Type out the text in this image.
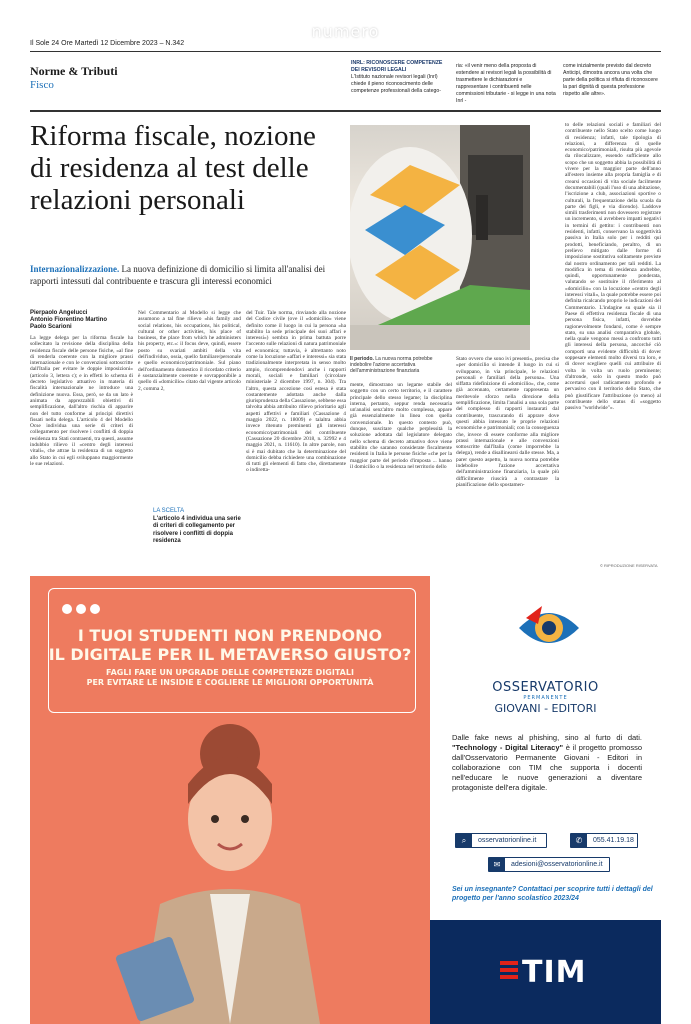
numero
Il Sole 24 Ore Martedì 12 Dicembre 2023 – N.342
Norme & Tributi
Fisco
INRL: RICONOSCERE COMPETENZE DEI REVISORI LEGALI
L'Istituto nazionale revisori legali (Inrl) chiede il pieno riconoscimento delle competenze professionali della catego-
ria: «il venir meno della proposta di estendere ai revisori legali la possibilità di trasmettere le dichiarazioni e rappresentare i contribuenti nelle commissioni tributarie - si legge in una nota Inrl -
come inizialmente previsto dal decreto Anticipi, dimostra ancora una volta che parte della politica si rifiuta di riconoscere la pari dignità di questa professione rispetto alle altre».
Riforma fiscale, nozione di residenza al test delle relazioni personali
Internazionalizzazione. La nuova definizione di domicilio si limita all'analisi dei rapporti intessuti dal contribuente e trascura gli interessi economici
Pierpaolo Angelucci
Antonio Fiorentino Martino
Paolo Scarioni
La legge delega per la riforma fiscale ha sollecitato la revisione della disciplina della residenza fiscale delle persone fisiche, «al fine di renderla coerente con la migliore prassi internazionale e con le convenzioni sottoscritte dall'Italia per evitare le doppie imposizioni» (articolo 3, lettera c); e in effetti lo schema di decreto legislativo attuativo in materia di fiscalità internazionale ne introduce una definizione nuova. Essa, però, se da un lato è animata da apprezzabili obiettivi di semplificazione, dall'altro rischia di apparire non del tutto conforme ai principi direttivi fissati nella delega. L'articolo 4 del Modello Ocse individua una serie di criteri di collegamento per risolvere i conflitti di doppia residenza tra Stati contraenti, tra questi, assume indubbio rilievo il «centro degli interessi vitali», che attrae la residenza di un soggetto allo Stato in cui egli sviluppano maggiormente le sue relazioni.
Nel Commentario al Modello si legge che assumono a tal fine rilievo «his family and social relations, his occupations, his political, cultural or other activities, his place of business, the place from which he administers his property, etc.»: il focus deve, quindi, essere posto su svariati ambiti della vita dell'individuo, ossia, quello familiare/personale e quello economico/patrimoniale. Sul piano dell'ordinamento domestico il ricordato criterio è sostanzialmente coerente e sovrapponibile a quello di «domicilio» citato dal vigente articolo 2, comma 2,
LA SCELTA
L'articolo 4 individua una serie di criteri di collegamento per risolvere i conflitti di doppia residenza
del Tuir. Tale norma, rinviando alla nozione del Codice civile (ove il «domicilio» viene definito come il luogo in cui la persona «ha stabilito la sede principale dei suoi affari e interessi») sembra in prima battuta porre l'accento sulle relazioni di natura patrimoniale ed economica; tuttavia, è altrettanto noto come la locuzione «affari e interessi» sia stata tradizionalmente interpretata in senso molto ampio, ricomprendendovi anche i rapporti morali, sociali e familiari (circolare ministeriale 2 dicembre 1997, n. 304). Tra l'altro, questa accezione così estesa è stata costantemente adottata anche dalla giurisprudenza della Cassazione, sebbene essa talvolta abbia attribuito rilievo prioritario agli aspetti affettivi e familiari (Cassazione 4 maggio 2022, n. 18009) e talaltra abbia invece ritenuto preminenti gli interessi economico/patrimoniali del contribuente (Cassazione 20 dicembre 2018, n. 32992 e 4 maggio 2021, n. 11610). In altre parole, non si è mai dubitato che la determinazione del domicilio debba richiedere una combinazione di tutti gli elementi di fatto che, direttamente o indiretta-
Il periodo. La nuova norma potrebbe indebolire l'azione accertativa dell'amministrazione finanziaria
mente, dimostrano un legame stabile del soggetto con un certo territorio, e il carattere principale dello stesso legame; la disciplina interna, pertanto, seppur renda necessaria un'analisi senz'altro molto complessa, appare già essenzialmente in linea con quella convenzionale. In questo contesto può, dunque, suscitare qualche perplessità la soluzione adottata dal legislatore delegato nello schema di decreto attuativo dove viene stabilito che saranno considerate fiscalmente residenti in Italia le persone fisiche «che per la maggior parte del periodo d'imposta ... hanno il domicilio o la residenza nel territorio dello
Stato ovvero che sono ivi presenti», precisa che «per domicilio si intende il luogo in cui si sviluppano, in via principale, le relazioni personali e familiari della persona». Una siffatta ridefinizione di «domicilio», che, come già accennato, certamente rappresenta un meritevole sforzo nella direzione della semplificazione, limita l'analisi a una sola parte del complesso di rapporti instaurati dal contribuente, trascurando di apprare dove questi abbia intessuto le proprie relazioni economiche e patrimoniali; con la conseguenza che, invece di essere conforme alla migliore prassi internazionale e alle convenzioni sottoscritte dall'Italia (come imporrebbe la delega), rende a disallinearsi dalle stesse. Ma, a parer questo aspetto, la nuova norma potrebbe indebolire l'azione accertativa dell'amministrazione finanziaria, la quale più difficilmente riuscirà a contrastare la pianificazione dello spostamen-
to delle relazioni sociali e familiari del contribuente nello Stato scelto come luogo di residenza; infatti, tale tipologia di relazioni, a differenza di quelle economico/patrimoniali, risulta più agevole da rilocalizzare, essendo sufficiente allo scopo che un soggetto abbia la possibilità di vivere per la maggior parte dell'anno all'estero insieme alla propria famiglia e di crearsi occasioni di vita sociale facilmente documentabili (quali l'uso di una abitazione, l'iscrizione a club, associazioni sportive o culturali, la frequentazione della scuola da parte dei figli, e via dicendo). Laddove simili trasferimenti non dovessero registrare un incremento, si avrebbero impatti negativi in termini di gettito: i contribuenti non residenti, infatti, conservano la soggettività passiva in Italia solo per i redditi qui prodotti, beneficiando, peraltro, di un prelievo mitigato dalle forme di imposizione sostitutiva solitamente previste dal nostro ordinamento per tali redditi. La modifica in tema di residenza andrebbe, quindi, opportunamente ponderata, valutando se sostituire il riferimento al «domicilio» con la locuzione «centro degli interessi vitali», la quale potrebbe essere poi definita ricalcando proprio le indicazioni del Commentario. L'indagine su quale sia il Paese di effettiva residenza fiscale di una persona fisica, infatti, dovrebbe ragionevolmente fondarsi, come è sempre stato, su una analisi comparativa globale, nella quale vengono messi a confronto tutti gli interessi della persona, ancorché ciò comporti una evidente difficoltà di dover soppesare elementi molto diversi tra loro, e di dover scegliere quelli cui attribuire di volta in volta un ruolo preminente; d'altronde, solo in questo modo può accertarsi quel radicamento profondo e pervasivo con il territorio dello Stato, che può giustificare l'attribuzione (o meno) al contribuente dello status di «soggetto passivo "worldwide"».
© RIPRODUZIONE RISERVATA
I TUOI STUDENTI NON PRENDONO
IL DIGITALE PER IL METAVERSO GIUSTO?
FAGLI FARE UN UPGRADE DELLE COMPETENZE DIGITALI
PER EVITARE LE INSIDIE E COGLIERE LE MIGLIORI OPPORTUNITÀ	OSSERVATORIO
PERMANENTE
GIOVANI - EDITORI
Dalle fake news al phishing, sino al furto di dati. "Technology - Digital Literacy" è il progetto promosso dall'Osservatorio Permanente Giovani - Editori in collaborazione con TIM che supporta i docenti nell'educare le nuove generazioni a diventare protagoniste dell'era digitale.
⌕ osservatorionline.it	✆ 055.41.19.18
✉ adesioni@osservatorionline.it
Sei un insegnante? Contattaci per scoprire tutti i dettagli del progetto per l'anno scolastico 2023/24
TIM
